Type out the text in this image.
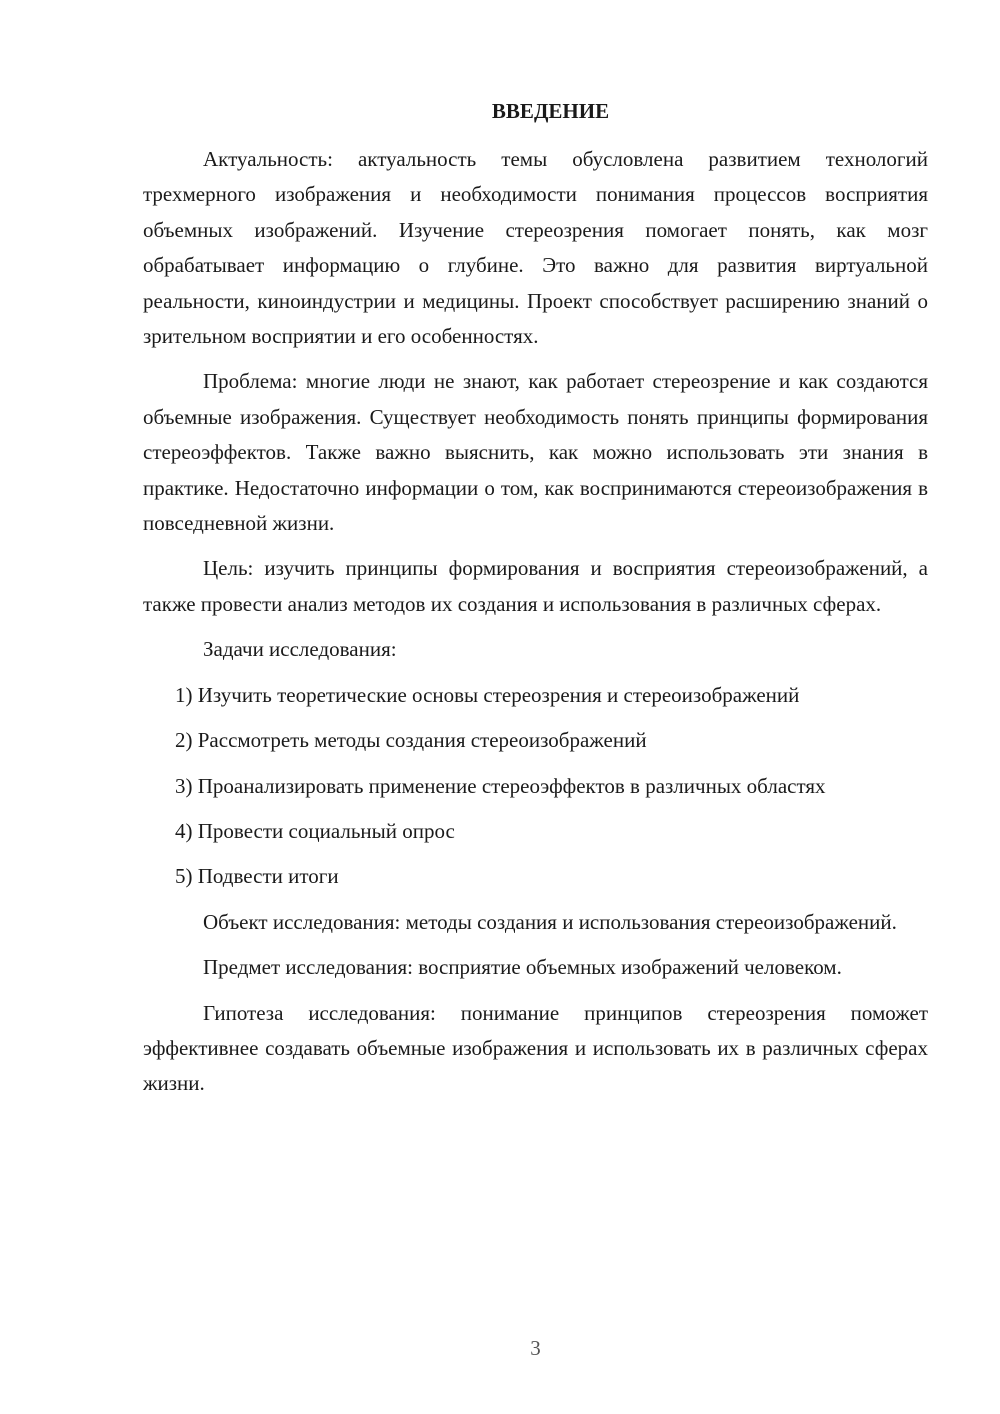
ВВЕДЕНИЕ

Актуальность: актуальность темы обусловлена развитием технологий трехмерного изображения и необходимости понимания процессов восприятия объемных изображений. Изучение стереозрения помогает понять, как мозг обрабатывает информацию о глубине. Это важно для развития виртуальной реальности, киноиндустрии и медицины. Проект способствует расширению знаний о зрительном восприятии и его особенностях.

Проблема: многие люди не знают, как работает стереозрение и как создаются объемные изображения. Существует необходимость понять принципы формирования стереоэффектов. Также важно выяснить, как можно использовать эти знания в практике. Недостаточно информации о том, как воспринимаются стереоизображения в повседневной жизни.

Цель: изучить принципы формирования и восприятия стереоизображений, а также провести анализ методов их создания и использования в различных сферах.

Задачи исследования:

1) Изучить теоретические основы стереозрения и стереоизображений

2) Рассмотреть методы создания стереоизображений

3) Проанализировать применение стереоэффектов в различных областях

4) Провести социальный опрос

5) Подвести итоги

Объект исследования: методы создания и использования стереоизображений.

Предмет исследования: восприятие объемных изображений человеком.

Гипотеза исследования: понимание принципов стереозрения поможет эффективнее создавать объемные изображения и использовать их в различных сферах жизни.

3
